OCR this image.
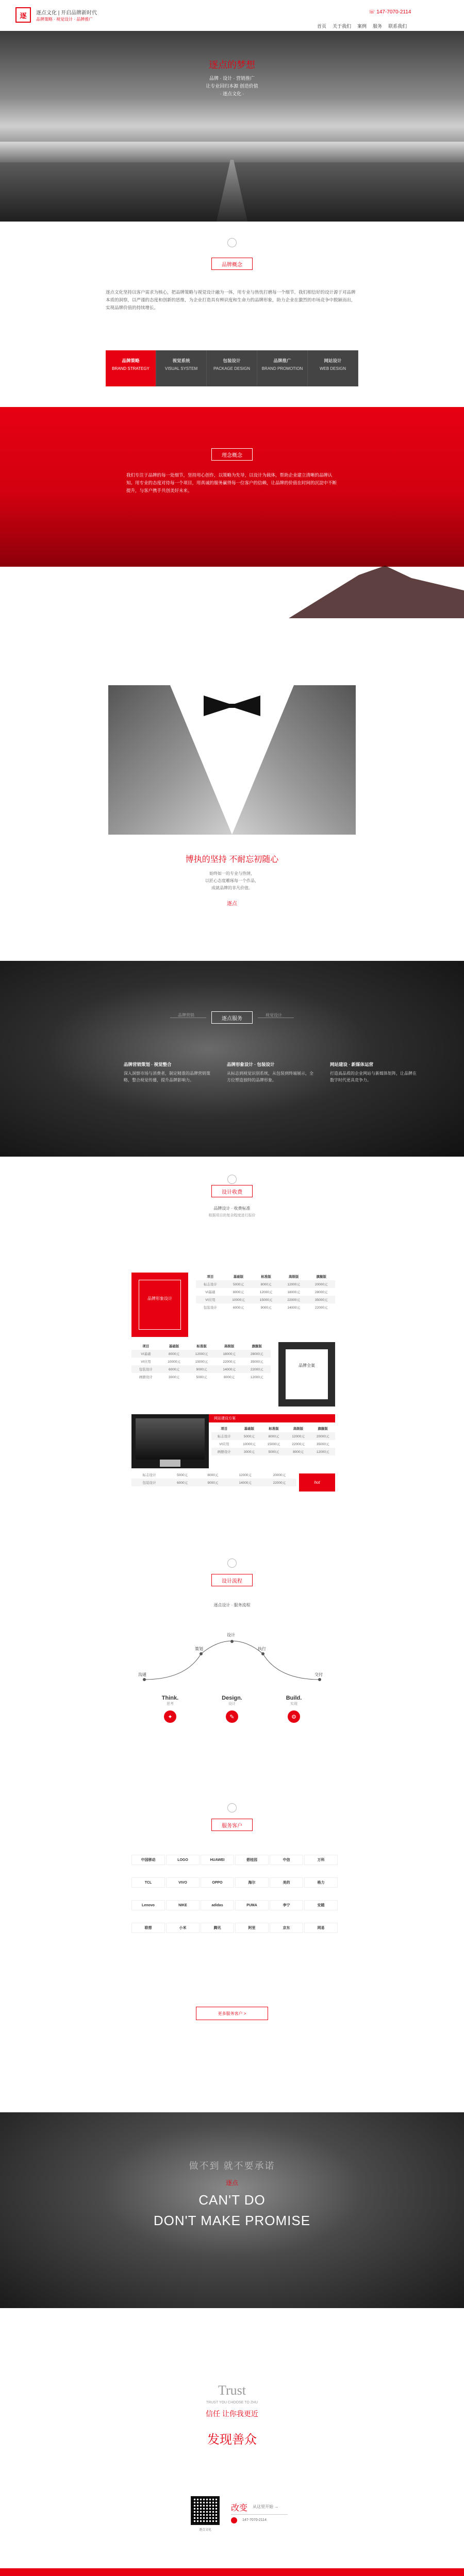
逐 逐点文化 | 开启品牌新时代
品牌策略 · 视觉设计 · 品牌推广
☏ 147-7070-2114
首页 关于我们 案例 服务 联系我们
逐点的梦想
品牌 · 设计 · 营销推广
让专业回归本源 创造价值
· 逐点文化 ·
品牌概念
逐点文化坚持以客户需求为核心，把品牌策略与视觉设计融为一体，用专业与热忱打磨每一个细节。我们相信好的设计源于对品牌本质的洞察，以严谨的态度和创新的思维，为企业打造具有辨识度和生命力的品牌形象，助力企业在激烈的市场竞争中脱颖而出，实现品牌价值的持续增长。
品牌策略
BRAND STRATEGY
视觉系统
VISUAL SYSTEM
包装设计
PACKAGE DESIGN
品牌推广
BRAND PROMOTION
网站设计
WEB DESIGN
理念概念
我们专注于品牌的每一处细节，坚持用心创作，以策略为先导，以设计为载体，帮助企业建立清晰的品牌认知。用专业的态度对待每一个项目，用真诚的服务赢得每一位客户的信赖，让品牌的价值在时间的沉淀中不断提升，与客户携手共创美好未来。
博执的坚持 不耐忘初随心
始终如一的专业与热情，
以匠心态度雕琢每一个作品，
成就品牌的非凡价值。
逐点
品牌营销
逐点服务
视觉设计
品牌营销策划 · 视觉整合
深入洞察市场与消费者，制定精准的品牌营销策略，整合视觉传播，提升品牌影响力。
品牌形象设计 · 包装设计
从标志到视觉识别系统，从包装到终端展示，全方位塑造独特的品牌形象。
网站建设 · 新媒体运营
打造高品质的企业网站与新媒体矩阵，让品牌在数字时代更具竞争力。
设计收费
品牌设计 · 收费标准
根据项目的复杂程度进行报价
品牌形象设计
项目	基础版	标准版	高级版	旗舰版
标志设计	5000元	8000元	12000元	20000元
VI基础	8000元	12000元	18000元	28000元
VI应用	10000元	15000元	22000元	35000元
包装设计	6000元	9000元	14000元	22000元
项目	基础版	标准版	高级版	旗舰版
VI基础	8000元	12000元	18000元	28000元
VI应用	10000元	15000元	22000元	35000元
包装设计	6000元	9000元	14000元	22000元
画册设计	3000元	5000元	8000元	12000元
品牌全案
网站建设方案
项目	基础版	标准版	高级版	旗舰版
标志设计	5000元	8000元	12000元	20000元
VI应用	10000元	15000元	22000元	35000元
画册设计	3000元	5000元	8000元	12000元
hot
标志设计	5000元	8000元	12000元	20000元
包装设计	6000元	9000元	14000元	22000元
设计流程
逐点设计 · 服务流程
沟通
策划
设计
执行
交付
Think.
思考
✦
Design.
设计
✎
Build.
实现
⚙
服务客户
中国移动	LOGO	HUAWEI	碧桂园	中信	万科
TCL	VIVO	OPPO	海尔	美的	格力
Lenovo	NIKE	adidas	PUMA	李宁	安踏
联想	小米	腾讯	阿里	京东	网易
更多服务客户 >
做不到 就不要承诺
逐点
CAN'T DO
DON'T MAKE PROMISE
Trust
TRUST YOU CHOOSE TO ZHU
信任 让你我更近
发现善众
逐点文化
改变 从这里开始 →
147-7070-2114
